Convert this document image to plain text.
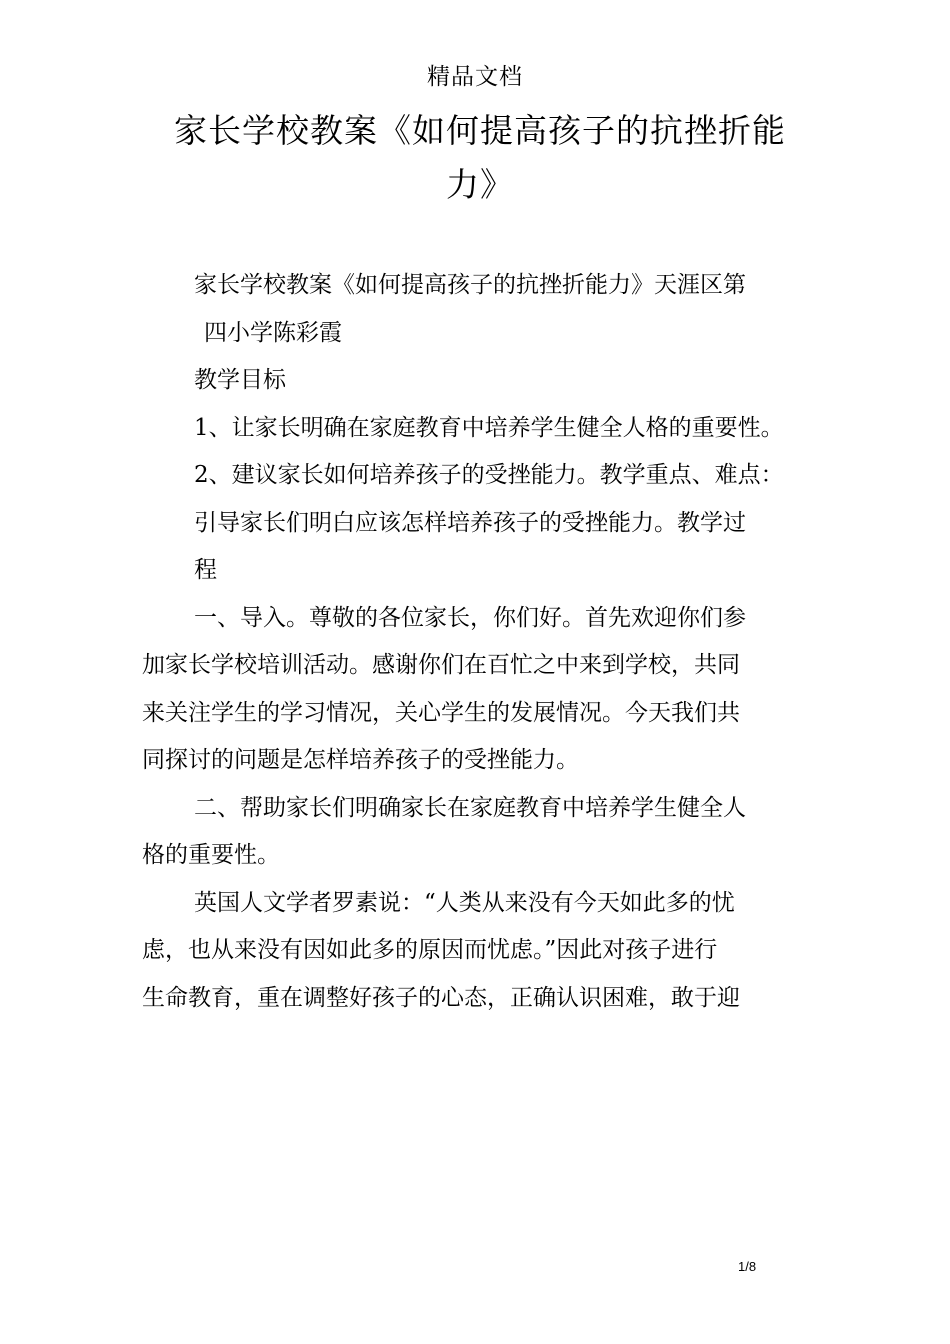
精品文档
家长学校教案《如何提高孩子的抗挫折能
力》
家长学校教案《如何提高孩子的抗挫折能力》天涯区第
四小学陈彩霞
教学目标
1、让家长明确在家庭教育中培养学生健全人格的重要性。
2、建议家长如何培养孩子的受挫能力。教学重点、难点：
引导家长们明白应该怎样培养孩子的受挫能力。教学过
程
一、导入。尊敬的各位家长，你们好。首先欢迎你们参
加家长学校培训活动。感谢你们在百忙之中来到学校，共同
来关注学生的学习情况，关心学生的发展情况。今天我们共
同探讨的问题是怎样培养孩子的受挫能力。
二、帮助家长们明确家长在家庭教育中培养学生健全人
格的重要性。
英国人文学者罗素说：“人类从来没有今天如此多的忧
虑，也从来没有因如此多的原因而忧虑。”因此对孩子进行
生命教育，重在调整好孩子的心态，正确认识困难，敢于迎
1/8
